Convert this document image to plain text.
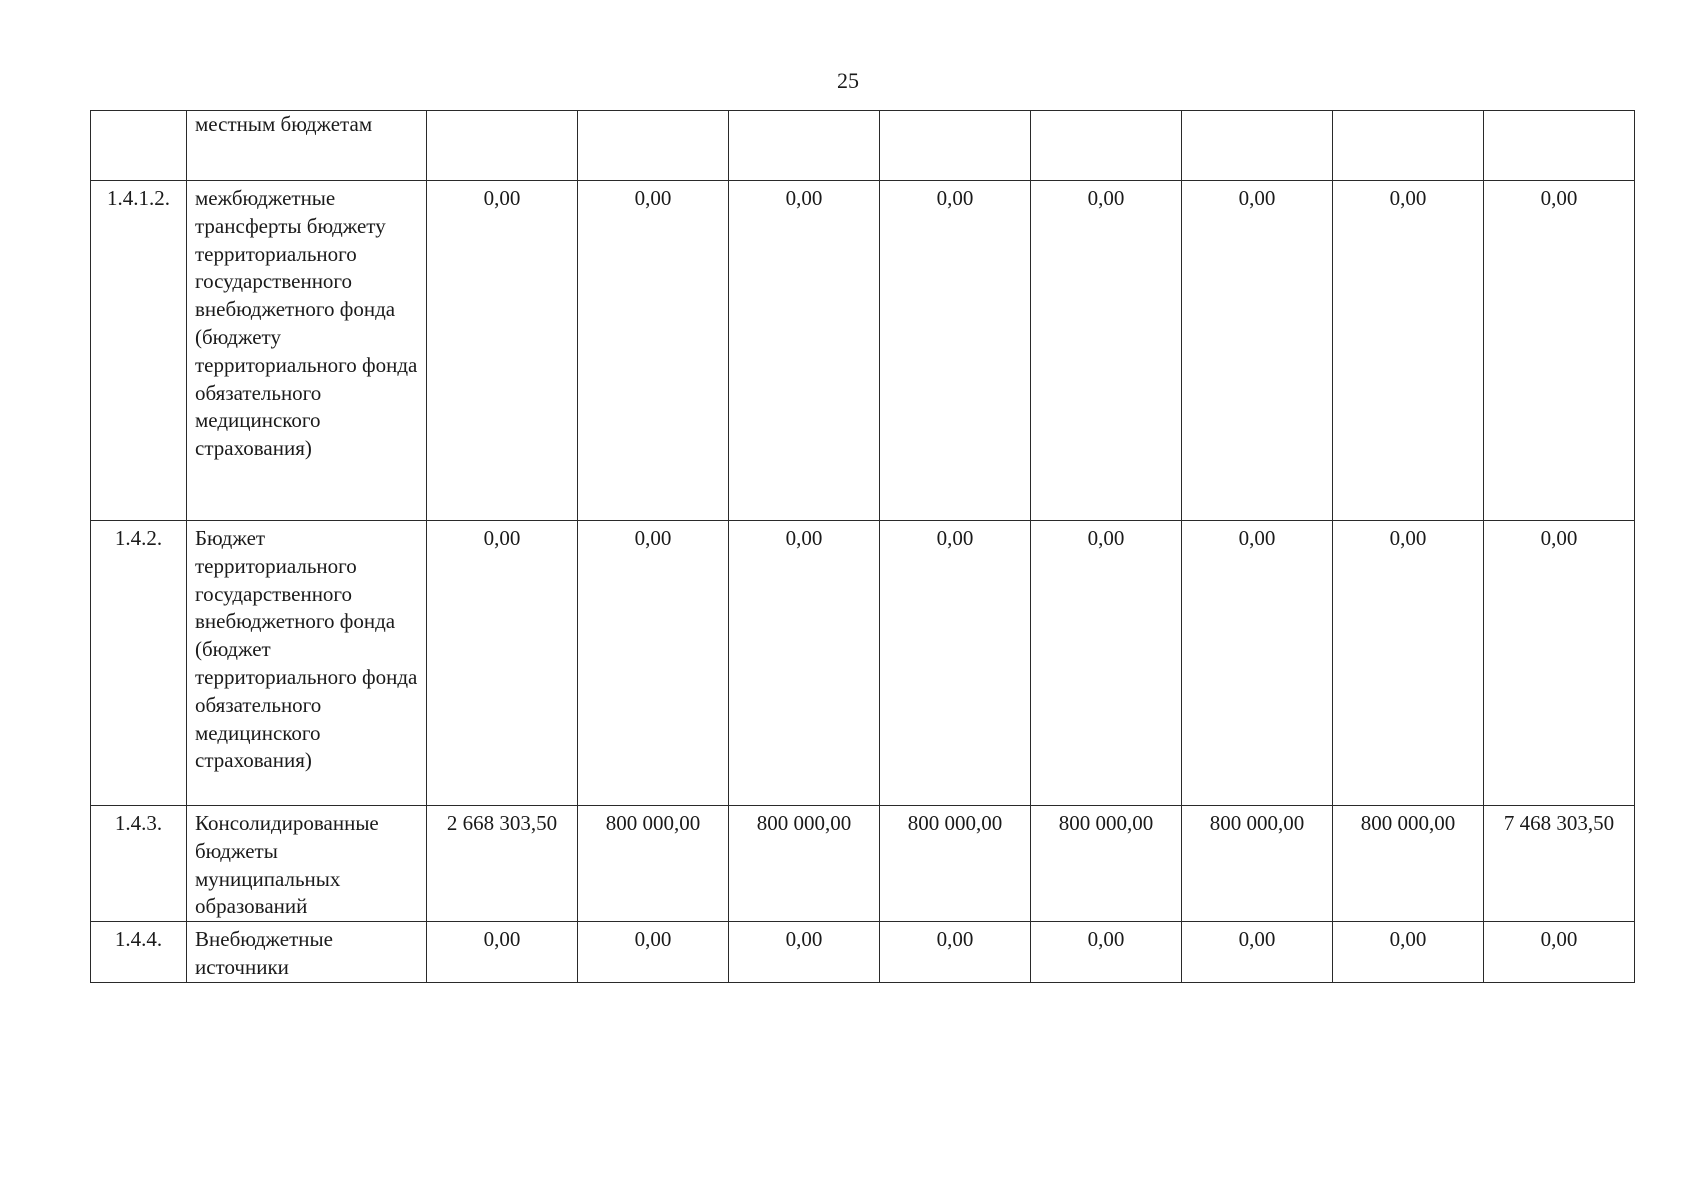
25
	местным бюджетам								
1.4.1.2.	межбюджетные трансферты бюджету территориального государственного внебюджетного фонда (бюджету территориального фонда обязательного медицинского страхования)	0,00	0,00	0,00	0,00	0,00	0,00	0,00	0,00
1.4.2.	Бюджет территориального государственного внебюджетного фонда (бюджет территориального фонда обязательного медицинского страхования)	0,00	0,00	0,00	0,00	0,00	0,00	0,00	0,00
1.4.3.	Консолидированные бюджеты муниципальных образований	2 668 303,50	800 000,00	800 000,00	800 000,00	800 000,00	800 000,00	800 000,00	7 468 303,50
1.4.4.	Внебюджетные источники	0,00	0,00	0,00	0,00	0,00	0,00	0,00	0,00
